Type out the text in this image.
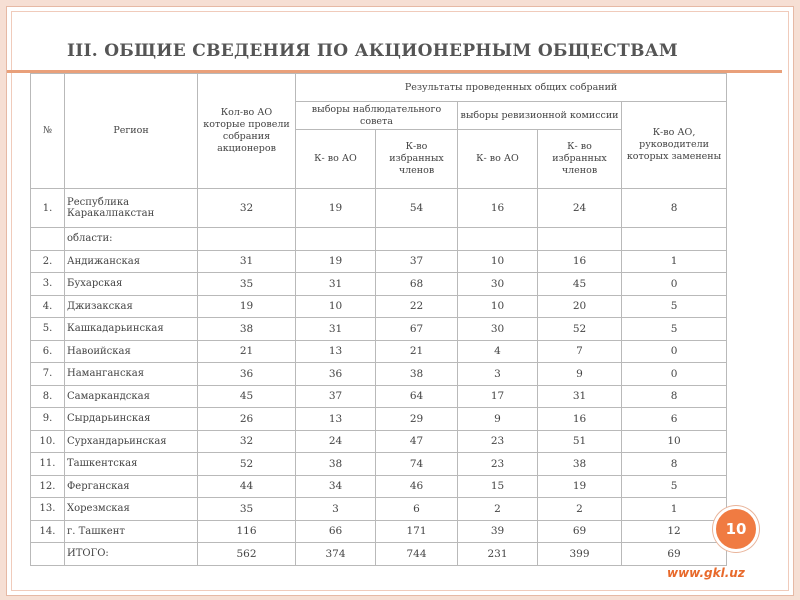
III. ОБЩИЕ СВЕДЕНИЯ ПО АКЦИОНЕРНЫМ ОБЩЕСТВАМ
№	Регион	Кол-во АО которые провели собрания акционеров	Результаты проведенных общих собраний				
			выборы наблюдательного совета		выборы ревизионной комиссии		К-во АО, руководители которых заменены
			К- во АО	К-во избранных членов	К- во АО	К- во избранных членов	
1.	Республика Каракалпакстан	32	19	54	16	24	8
	области:						
2.	Андижанская	31	19	37	10	16	1
3.	Бухарская	35	31	68	30	45	0
4.	Джизакская	19	10	22	10	20	5
5.	Кашкадарьинская	38	31	67	30	52	5
6.	Навоийская	21	13	21	4	7	0
7.	Наманганская	36	36	38	3	9	0
8.	Самаркандская	45	37	64	17	31	8
9.	Сырдарьинская	26	13	29	9	16	6
10.	Сурхандарьинская	32	24	47	23	51	10
11.	Ташкентская	52	38	74	23	38	8
12.	Ферганская	44	34	46	15	19	5
13.	Хорезмская	35	3	6	2	2	1
14.	г. Ташкент	116	66	171	39	69	12
	ИТОГО:	562	374	744	231	399	69
10
www.gkl.uz
